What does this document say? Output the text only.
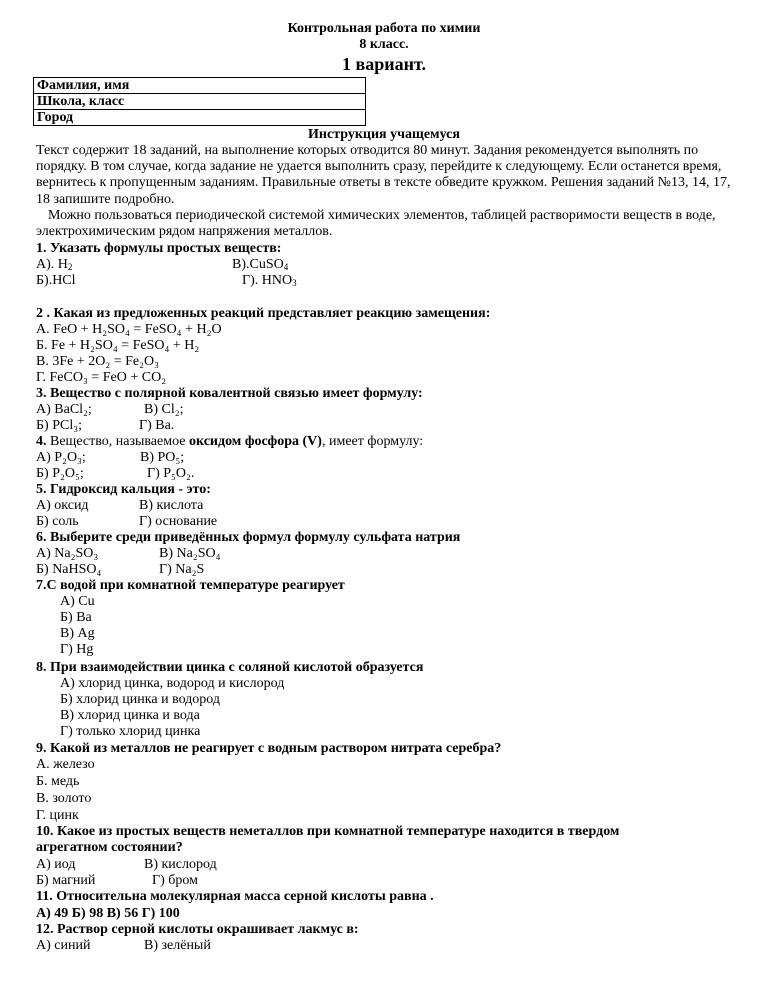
Контрольная работа по химии
8 класс.
1 вариант.
Фамилия, имя
Школа, класс
Город
Инструкция учащемуся
Текст содержит 18 заданий, на выполнение которых отводится 80 минут. Задания рекомендуется выполнять по порядку. В том случае, когда задание не удается выполнить сразу, перейдите к следующему. Если останется время, вернитесь к пропущенным заданиям. Правильные ответы в тексте обведите кружком. Решения заданий №13, 14, 17, 18 запишите подробно.
Можно пользоваться периодической системой химических элементов, таблицей растворимости веществ в воде, электрохимическим рядом напряжения металлов.
1. Указать формулы простых веществ:
А). $H_2$	В).CuSO$_4$
Б).HCl	Г). $HNO_3$
2 . Какая из предложенных реакций представляет реакцию замещения:
А. FeO + H₂SO₄ = FeSO₄ + H₂O
Б. Fe + H₂SO₄ = FeSO₄ + H₂
В. 3Fe + 2O₂ = Fe₂O₃
Г. FeCO₃ = FeO + CO₂
3. Вещество с полярной ковалентной связью имеет формулу:
А) BaCl₂;	В) Cl₂;
Б) PCl₃;	Г) Ba.
4. Вещество, называемое оксидом фосфора (V), имеет формулу:
А) P₂O₃;	В) PO₅;
Б) P₂O₅;	Г) P₅O₂.
5. Гидроксид кальция - это:
А) оксид	В) кислота
Б) соль	Г) основание
6. Выберите среди приведённых формул формулу сульфата натрия
А) Na₂SO₃	В) Na₂SO₄
Б) NaHSO₄	Г) Na₂S
7.С водой при комнатной температуре реагирует
А) Cu
Б) Ba
В) Ag
Г) Hg
8. При взаимодействии цинка с соляной кислотой образуется
А) хлорид цинка, водород и кислород
Б) хлорид цинка и водород
В) хлорид цинка и вода
Г) только хлорид цинка
9. Какой из металлов не реагирует с водным раствором нитрата серебра?
А. железо
Б. медь
В. золото
Г. цинк
10. Какое из простых веществ неметаллов при комнатной температуре находится в твердом
агрегатном состоянии?
А) иод	В) кислород
Б) магний	Г) бром
11. Относительна молекулярная масса серной кислоты равна .
А) 49 Б) 98 В) 56 Г) 100
12. Раствор серной кислоты окрашивает лакмус в:
А) синий	В) зелёный
